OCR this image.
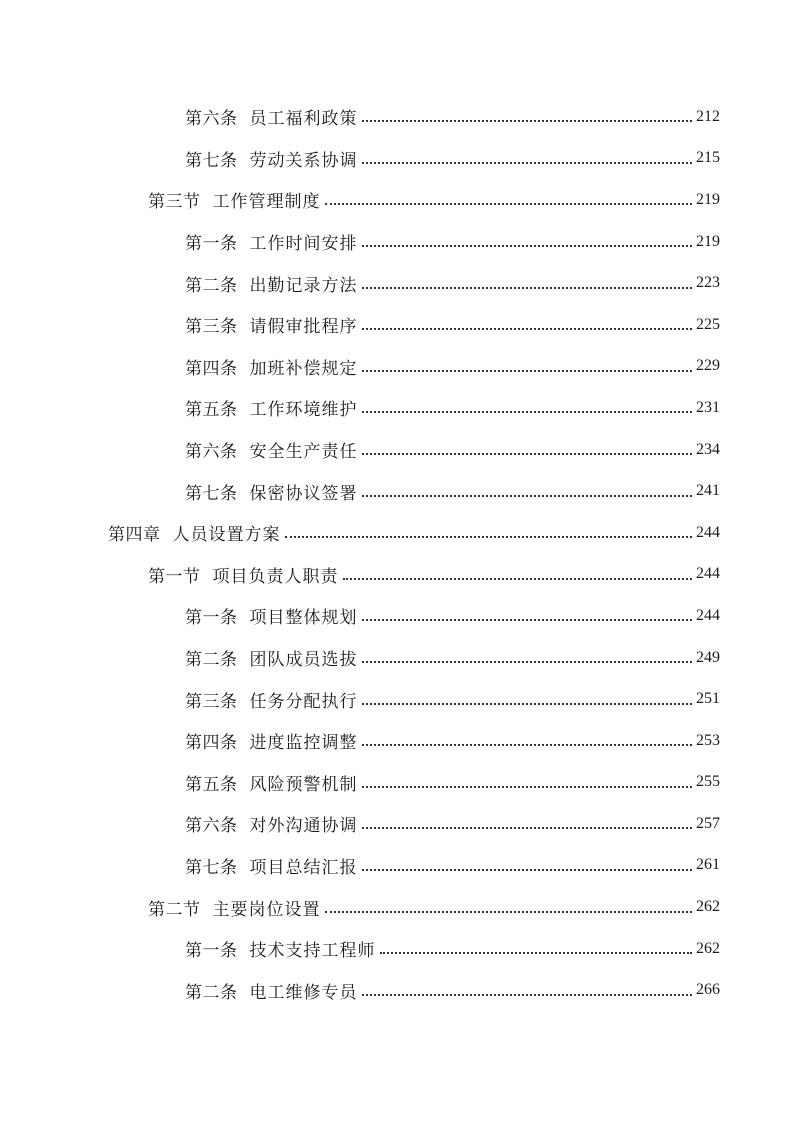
第六条 员工福利政策	212
第七条 劳动关系协调	215
第三节 工作管理制度	219
第一条 工作时间安排	219
第二条 出勤记录方法	223
第三条 请假审批程序	225
第四条 加班补偿规定	229
第五条 工作环境维护	231
第六条 安全生产责任	234
第七条 保密协议签署	241
第四章 人员设置方案	244
第一节 项目负责人职责	244
第一条 项目整体规划	244
第二条 团队成员选拔	249
第三条 任务分配执行	251
第四条 进度监控调整	253
第五条 风险预警机制	255
第六条 对外沟通协调	257
第七条 项目总结汇报	261
第二节 主要岗位设置	262
第一条 技术支持工程师	262
第二条 电工维修专员	266
